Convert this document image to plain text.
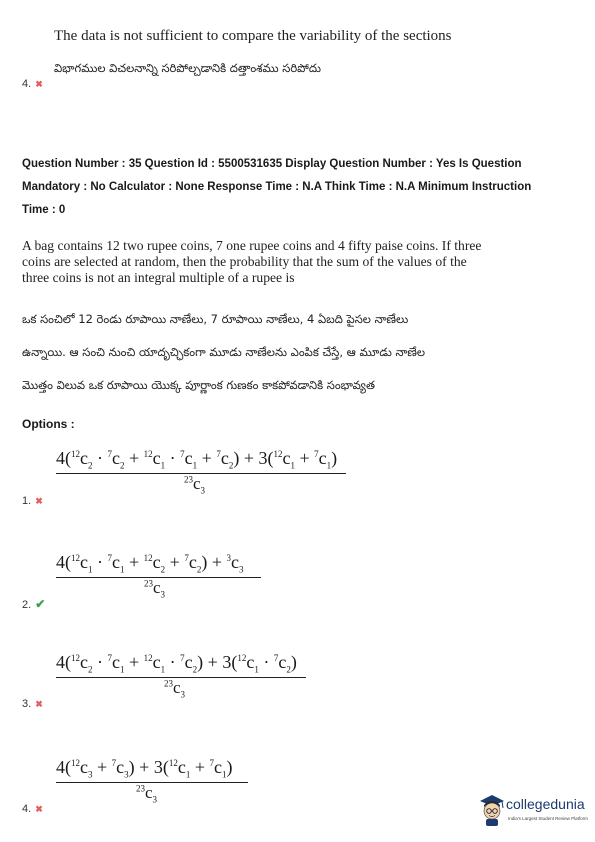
The data is not sufficient to compare the variability of the sections
విభాగముల విచలనాన్ని సరిపోల్చడానికి దత్తాంశము సరిపోదు
4. ✖
Question Number : 35 Question Id : 5500531635 Display Question Number : Yes Is Question
Mandatory : No Calculator : None Response Time : N.A Think Time : N.A Minimum Instruction
Time : 0
A bag contains 12 two rupee coins, 7 one rupee coins and 4 fifty paise coins. If three
coins are selected at random, then the probability that the sum of the values of the
three coins is not an integral multiple of a rupee is
ఒక సంచిలో 12 రెండు రూపాయి నాణేలు, 7 రూపాయి నాణేలు, 4 ఏబది పైసల నాణేలు
ఉన్నాయి. ఆ సంచి నుంచి యాదృచ్ఛికంగా మూడు నాణేలను ఎంపిక చేస్తే, ఆ మూడు నాణేల
మొత్తం విలువ ఒక రూపాయి యొక్క పూర్ణాంక గుణకం కాకపోవడానికి సంభావ్యత
Options :
$4(^{12}c_2 \cdot ^7c_2 + ^{12}c_1 \cdot ^7c_1 + ^7c_2) + 3(^{12}c_1 + ^7c_1)$
$^{23}c_3$
1. ✖
$4(^{12}c_1 \cdot ^7c_1 + ^{12}c_2 + ^7c_2) + ^3c_3$
$^{23}c_3$
2. ✔
$4(^{12}c_2 \cdot ^7c_1 + ^{12}c_1 \cdot ^7c_2) + 3(^{12}c_1 \cdot ^7c_2)$
$^{23}c_3$
3. ✖
$4(^{12}c_3 + ^7c_3) + 3(^{12}c_1 + ^7c_1)$
$^{23}c_3$
4. ✖	collegedunia
India's Largest Student Review Platform
